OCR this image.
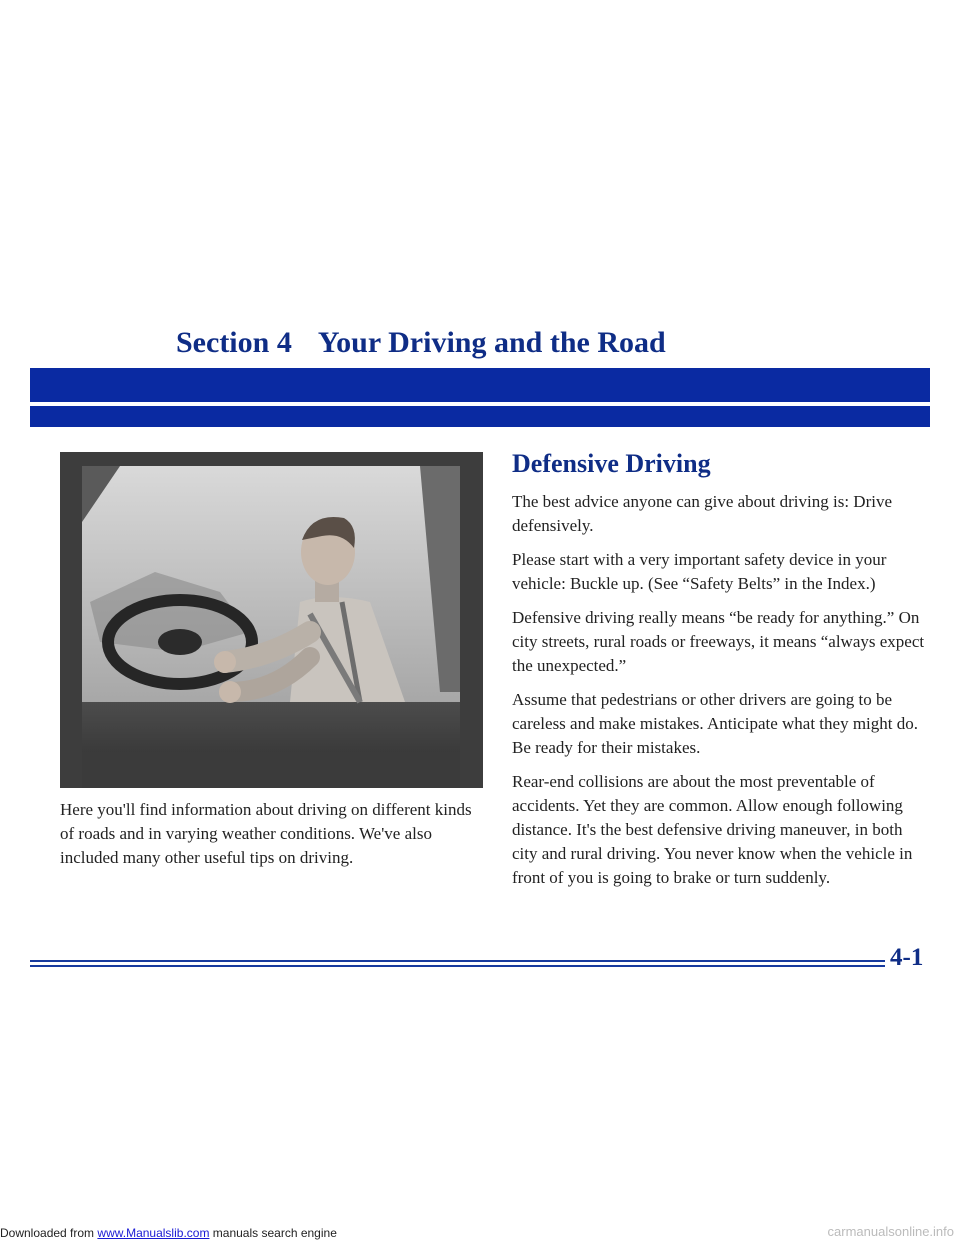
Section 4 Your Driving and the Road

Here you'll find information about driving on different kinds of roads and in varying weather conditions. We've also included many other useful tips on driving.

Defensive Driving

The best advice anyone can give about driving is: Drive defensively.

Please start with a very important safety device in your vehicle: Buckle up. (See “Safety Belts” in the Index.)

Defensive driving really means “be ready for anything.” On city streets, rural roads or freeways, it means “always expect the unexpected.”

Assume that pedestrians or other drivers are going to be careless and make mistakes. Anticipate what they might do. Be ready for their mistakes.

Rear-end collisions are about the most preventable of accidents. Yet they are common. Allow enough following distance. It's the best defensive driving maneuver, in both city and rural driving. You never know when the vehicle in front of you is going to brake or turn suddenly.

4-1

Downloaded from www.Manualslib.com manuals search engine	carmanualsonline.info
